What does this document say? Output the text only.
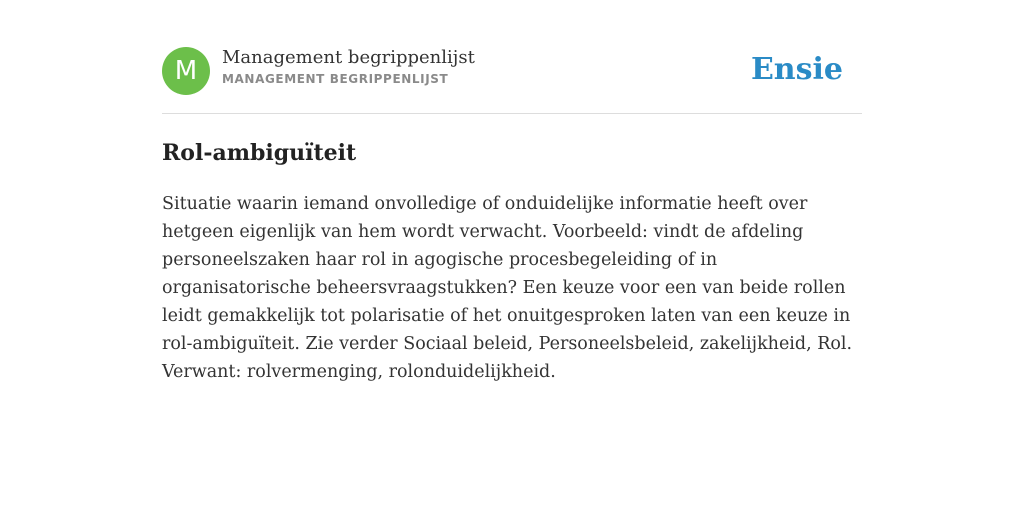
M	Management begrippenlijst
MANAGEMENT BEGRIPPENLIJST	Ensie
Rol-ambiguïteit

Situatie waarin iemand onvolledige of onduidelijke informatie heeft over hetgeen eigenlijk van hem wordt verwacht. Voorbeeld: vindt de afdeling personeelszaken haar rol in agogische procesbegeleiding of in organisatorische beheersvraagstukken? Een keuze voor een van beide rollen leidt gemakkelijk tot polarisatie of het onuitgesproken laten van een keuze in rol-ambiguïteit. Zie verder Sociaal beleid, Personeelsbeleid, zakelijkheid, Rol. Verwant: rolvermenging, rolonduidelijkheid.
